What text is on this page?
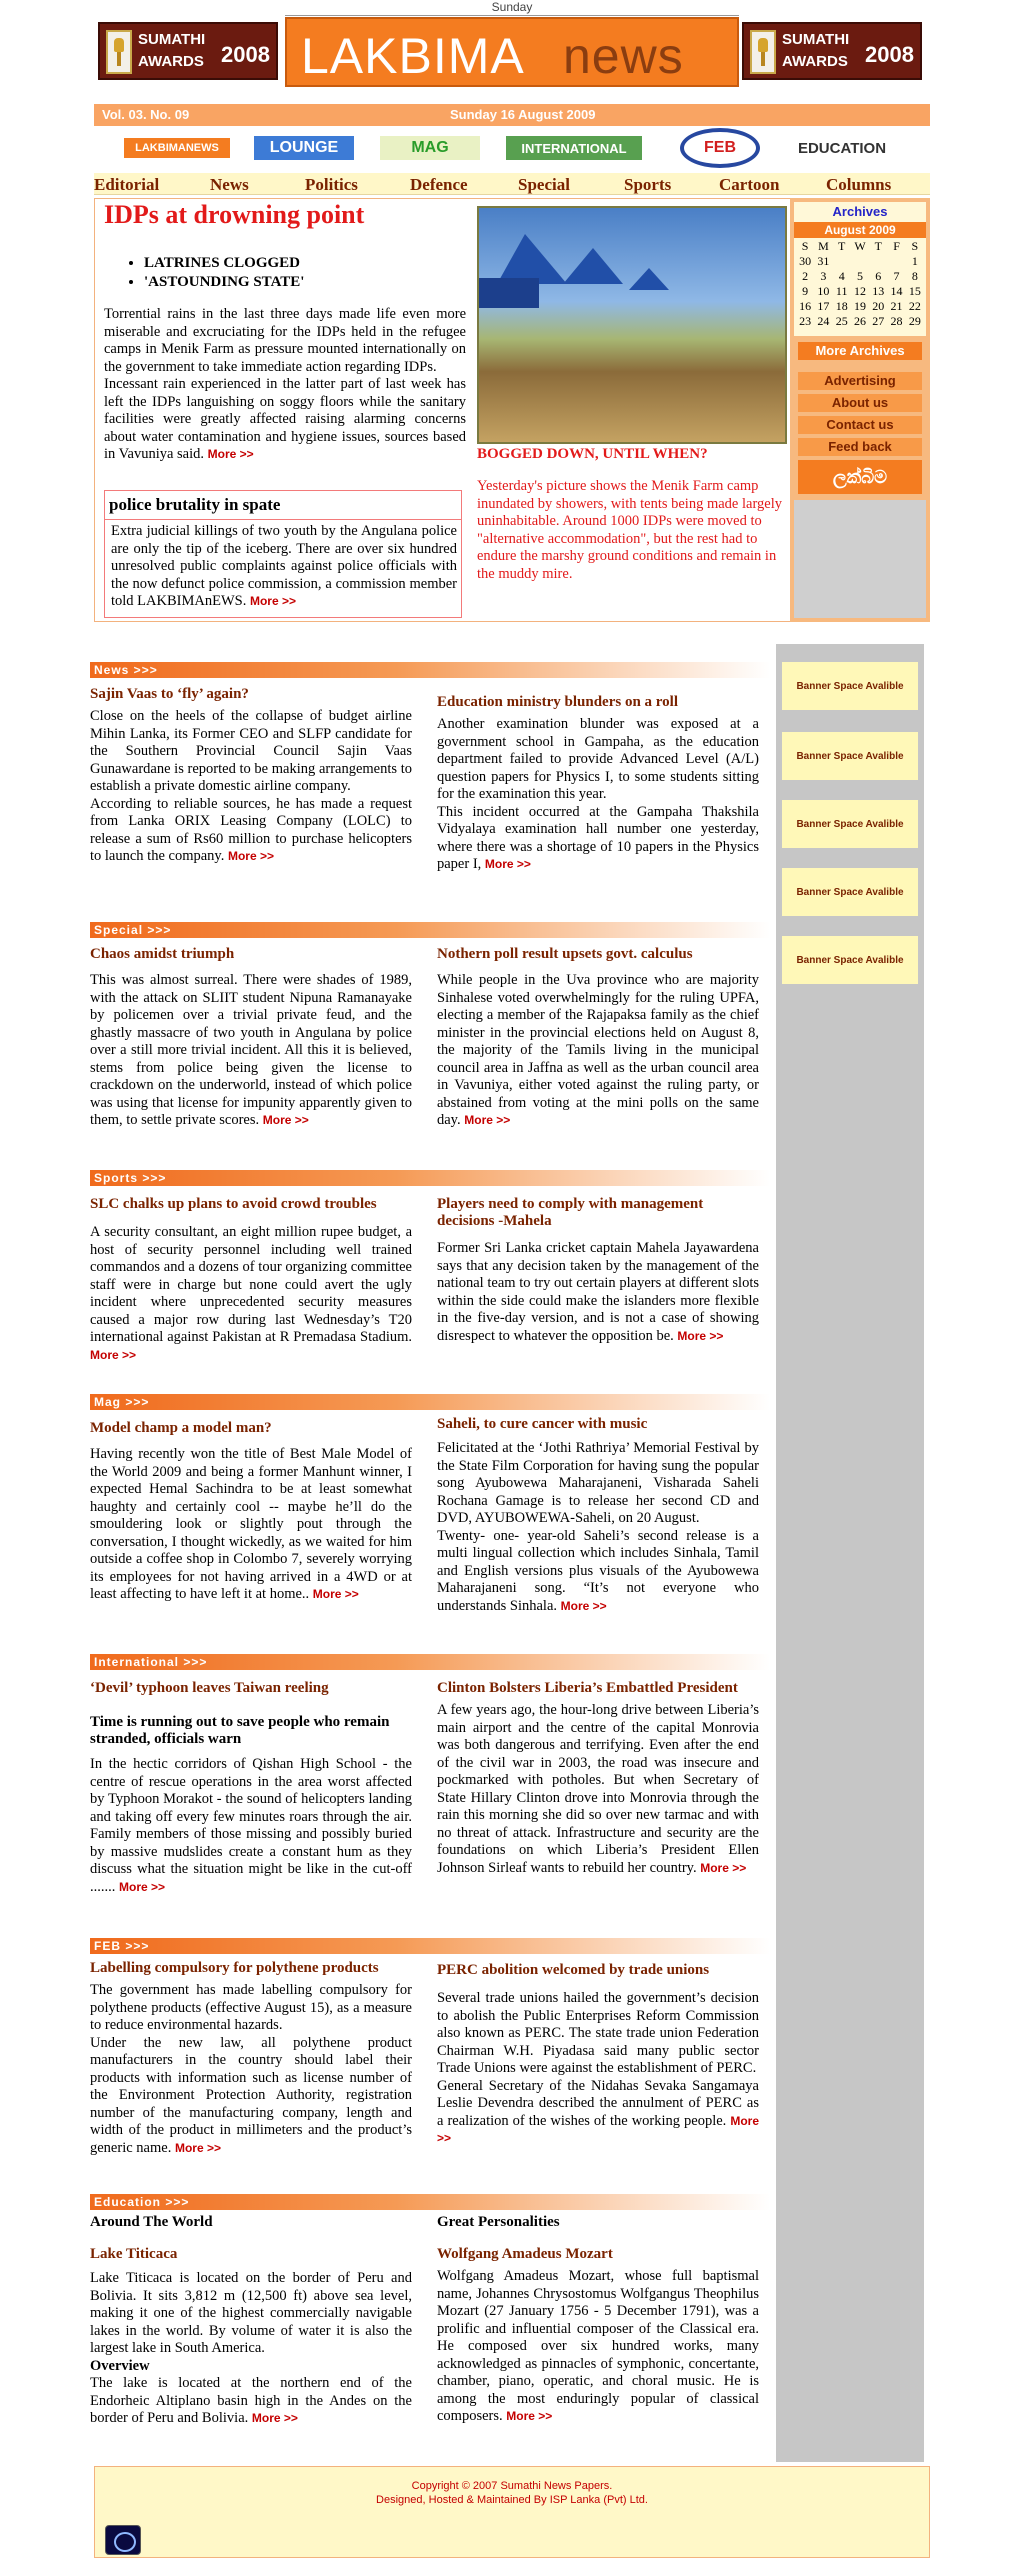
SUMATHI
AWARDS 2008
SUMATHI
AWARDS 2008
Sunday
LAKBIMA news
Vol. 03. No. 09	Sunday 16 August 2009
LAKBIMANEWS	LOUNGE	MAG	INTERNATIONAL	FEB	EDUCATION
Editorial	News	Politics	Defence	Special	Sports	Cartoon	Columns
IDPs at drowning point
• LATRINES CLOGGED
• 'ASTOUNDING STATE'
Torrential rains in the last three days made life even more miserable and excruciating for the IDPs held in the refugee camps in Menik Farm as pressure mounted internationally on the government to take immediate action regarding IDPs.
Incessant rain experienced in the latter part of last week has left the IDPs languishing on soggy floors while the sanitary facilities were greatly affected raising alarming concerns about water contamination and hygiene issues, sources based in Vavuniya said. More >>
police brutality in spate
Extra judicial killings of two youth by the Angulana police are only the tip of the iceberg. There are over six hundred unresolved public complaints against police officials with the now defunct police commission, a commission member told LAKBIMAnEWS. More >>
BOGGED DOWN, UNTIL WHEN?
Yesterday's picture shows the Menik Farm camp inundated by showers, with tents being made largely uninhabitable. Around 1000 IDPs were moved to "alternative accommodation", but the rest had to endure the marshy ground conditions and remain in the muddy mire.
Archives
August 2009
S	M	T	W	T	F	S
30	31					1
2	3	4	5	6	7	8
9	10	11	12	13	14	15
16	17	18	19	20	21	22
23	24	25	26	27	28	29
More Archives
Advertising
About us
Contact us
Feed back
ලක්බිම
Banner Space Avalible
Banner Space Avalible
Banner Space Avalible
Banner Space Avalible
Banner Space Avalible
News >>>
Sajin Vaas to ‘fly’ again?
Close on the heels of the collapse of budget airline Mihin Lanka, its Former CEO and SLFP candidate for the Southern Provincial Council Sajin Vaas Gunawardane is reported to be making arrangements to establish a private domestic airline company.
According to reliable sources, he has made a request from Lanka ORIX Leasing Company (LOLC) to release a sum of Rs60 million to purchase helicopters to launch the company. More >>
Education ministry blunders on a roll
Another examination blunder was exposed at a government school in Gampaha, as the education department failed to provide Advanced Level (A/L) question papers for Physics I, to some students sitting for the examination this year.
This incident occurred at the Gampaha Thakshila Vidyalaya examination hall number one yesterday, where there was a shortage of 10 papers in the Physics paper I, More >>
Special >>>
Chaos amidst triumph
This was almost surreal. There were shades of 1989, with the attack on SLIIT student Nipuna Ramanayake by policemen over a trivial private feud, and the ghastly massacre of two youth in Angulana by police over a still more trivial incident. All this it is believed, stems from police being given the license to crackdown on the underworld, instead of which police was using that license for impunity apparently given to them, to settle private scores. More >>
Nothern poll result upsets govt. calculus
While people in the Uva province who are majority Sinhalese voted overwhelmingly for the ruling UPFA, electing a member of the Rajapaksa family as the chief minister in the provincial elections held on August 8, the majority of the Tamils living in the municipal council area in Jaffna as well as the urban council area in Vavuniya, either voted against the ruling party, or abstained from voting at the mini polls on the same day. More >>
Sports >>>
SLC chalks up plans to avoid crowd troubles
A security consultant, an eight million rupee budget, a host of security personnel including well trained commandos and a dozens of tour organizing committee staff were in charge but none could avert the ugly incident where unprecedented security measures caused a major row during last Wednesday’s T20 international against Pakistan at R Premadasa Stadium. More >>
Players need to comply with management decisions -Mahela
Former Sri Lanka cricket captain Mahela Jayawardena says that any decision taken by the management of the national team to try out certain players at different slots within the side could make the islanders more flexible in the five-day version, and is not a case of showing disrespect to whatever the opposition be. More >>
Mag >>>
Model champ a model man?
Having recently won the title of Best Male Model of the World 2009 and being a former Manhunt winner, I expected Hemal Sachindra to be at least somewhat haughty and certainly cool -- maybe he’ll do the smouldering look or slightly pout through the conversation, I thought wickedly, as we waited for him outside a coffee shop in Colombo 7, severely worrying its employees for not having arrived in a 4WD or at least affecting to have left it at home.. More >>
Saheli, to cure cancer with music
Felicitated at the ‘Jothi Rathriya’ Memorial Festival by the State Film Corporation for having sung the popular song Ayubowewa Maharajaneni, Visharada Saheli Rochana Gamage is to release her second CD and DVD, AYUBOWEWA-Saheli, on 20 August.
Twenty- one- year-old Saheli’s second release is a multi lingual collection which includes Sinhala, Tamil and English versions plus visuals of the Ayubowewa Maharajaneni song. “It’s not everyone who understands Sinhala. More >>
International >>>
‘Devil’ typhoon leaves Taiwan reeling
Time is running out to save people who remain stranded, officials warn
In the hectic corridors of Qishan High School - the centre of rescue operations in the area worst affected by Typhoon Morakot - the sound of helicopters landing and taking off every few minutes roars through the air. Family members of those missing and possibly buried by massive mudslides create a constant hum as they discuss what the situation might be like in the cut-off ....... More >>
Clinton Bolsters Liberia’s Embattled President
A few years ago, the hour-long drive between Liberia’s main airport and the centre of the capital Monrovia was both dangerous and terrifying. Even after the end of the civil war in 2003, the road was insecure and pockmarked with potholes. But when Secretary of State Hillary Clinton drove into Monrovia through the rain this morning she did so over new tarmac and with no threat of attack. Infrastructure and security are the foundations on which Liberia’s President Ellen Johnson Sirleaf wants to rebuild her country. More >>
FEB >>>
Labelling compulsory for polythene products
The government has made labelling compulsory for polythene products (effective August 15), as a measure to reduce environmental hazards.
Under the new law, all polythene product manufacturers in the country should label their products with information such as license number of the Environment Protection Authority, registration number of the manufacturing company, length and width of the product in millimeters and the product’s generic name. More >>
PERC abolition welcomed by trade unions
Several trade unions hailed the government’s decision to abolish the Public Enterprises Reform Commission also known as PERC. The state trade union Federation Chairman W.H. Piyadasa said many public sector Trade Unions were against the establishment of PERC.
General Secretary of the Nidahas Sevaka Sangamaya Leslie Devendra described the annulment of PERC as a realization of the wishes of the working people. More >>
Education >>>
Around The World
Lake Titicaca
Lake Titicaca is located on the border of Peru and Bolivia. It sits 3,812 m (12,500 ft) above sea level, making it one of the highest commercially navigable lakes in the world. By volume of water it is also the largest lake in South America.
Overview
The lake is located at the northern end of the Endorheic Altiplano basin high in the Andes on the border of Peru and Bolivia. More >>
Great Personalities
Wolfgang Amadeus Mozart
Wolfgang Amadeus Mozart, whose full baptismal name, Johannes Chrysostomus Wolfgangus Theophilus Mozart (27 January 1756 - 5 December 1791), was a prolific and influential composer of the Classical era. He composed over six hundred works, many acknowledged as pinnacles of symphonic, concertante, chamber, piano, operatic, and choral music. He is among the most enduringly popular of classical composers. More >>
Copyright © 2007 Sumathi News Papers.
Designed, Hosted & Maintained By ISP Lanka (Pvt) Ltd.
